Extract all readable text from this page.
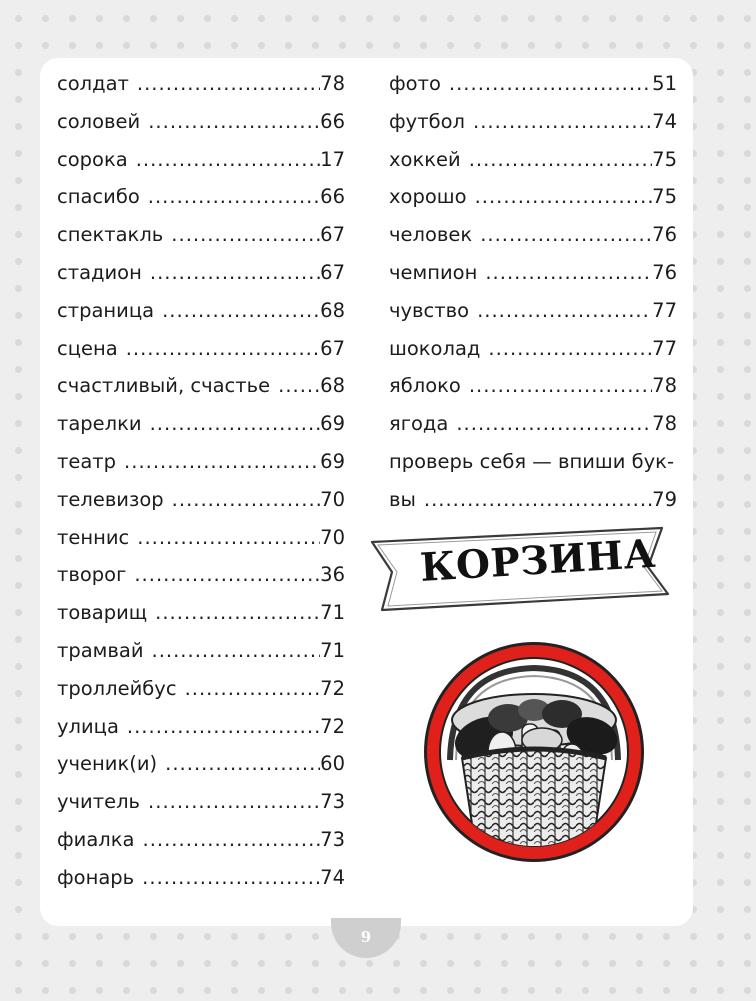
солдат .....	78
соловей .....	66
сорока .....	17
спасибо .....	66
спектакль .....	67
стадион .....	67
страница .....	68
сцена .....	67
счастливый, счастье .....	68
тарелки .....	69
театр .....	69
телевизор .....	70
теннис .....	70
творог .....	36
товарищ .....	71
трамвай .....	71
троллейбус .....	72
улица .....	72
ученик(и) .....	60
учитель .....	73
фиалка .....	73
фонарь .....	74
фото .....	51
футбол .....	74
хоккей .....	75
хорошо .....	75
человек .....	76
чемпион .....	76
чувство .....	77
шоколад .....	77
яблоко .....	78
ягода .....	78
проверь себя — впиши бук-
вы .....	79
КОРЗИНА
9
